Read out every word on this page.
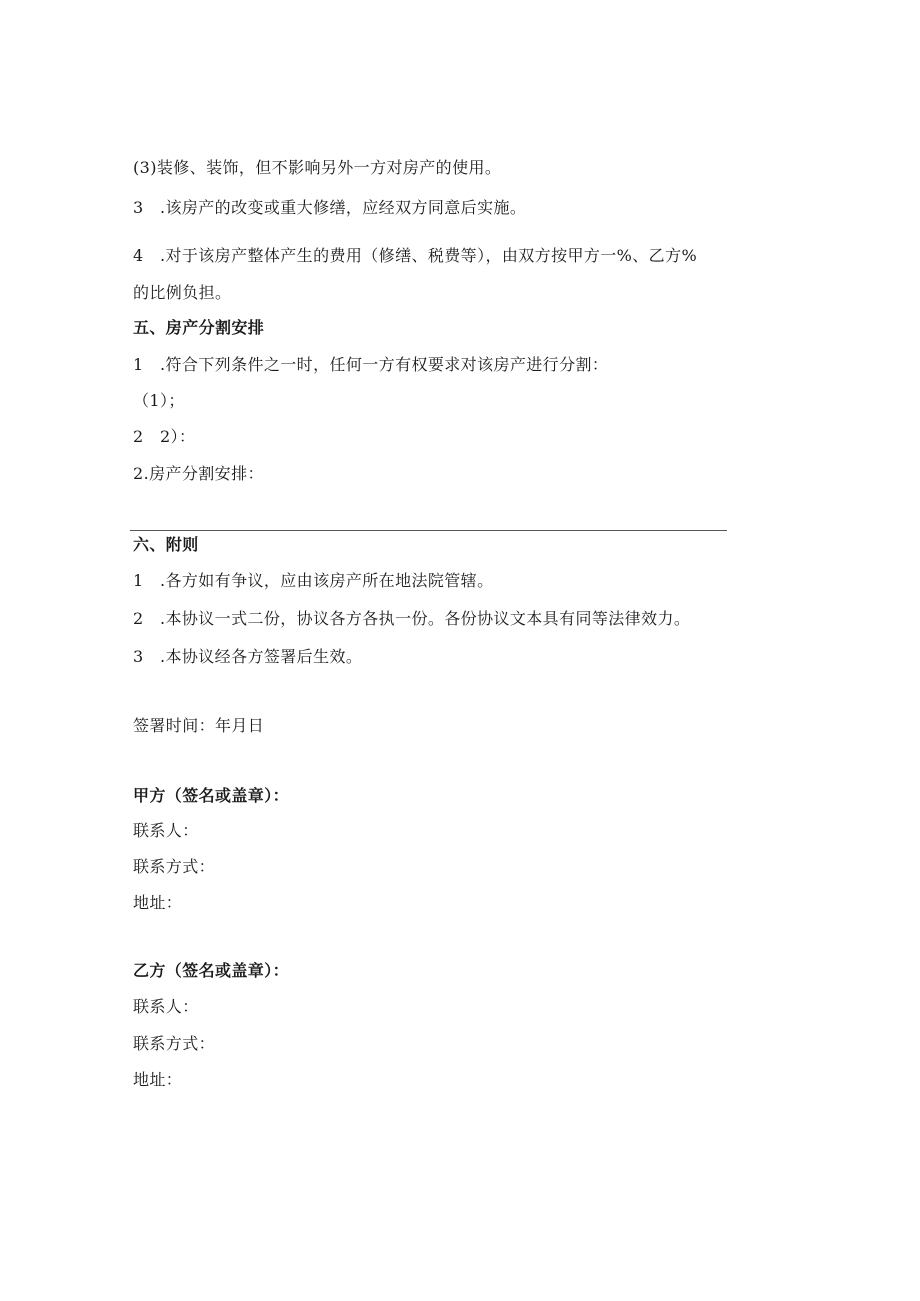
(3)装修、装饰，但不影响另外一方对房产的使用。
3　.该房产的改变或重大修缮，应经双方同意后实施。
4　.对于该房产整体产生的费用（修缮、税费等），由双方按甲方一%、乙方%
的比例负担。
五、房产分割安排
1　.符合下列条件之一时，任何一方有权要求对该房产进行分割：
（1）；
2　2）：
2.房产分割安排：
六、附则
1　.各方如有争议，应由该房产所在地法院管辖。
2　.本协议一式二份，协议各方各执一份。各份协议文本具有同等法律效力。
3　.本协议经各方签署后生效。
签署时间：年月日
甲方（签名或盖章）：
联系人：
联系方式：
地址：
乙方（签名或盖章）：
联系人：
联系方式：
地址：
